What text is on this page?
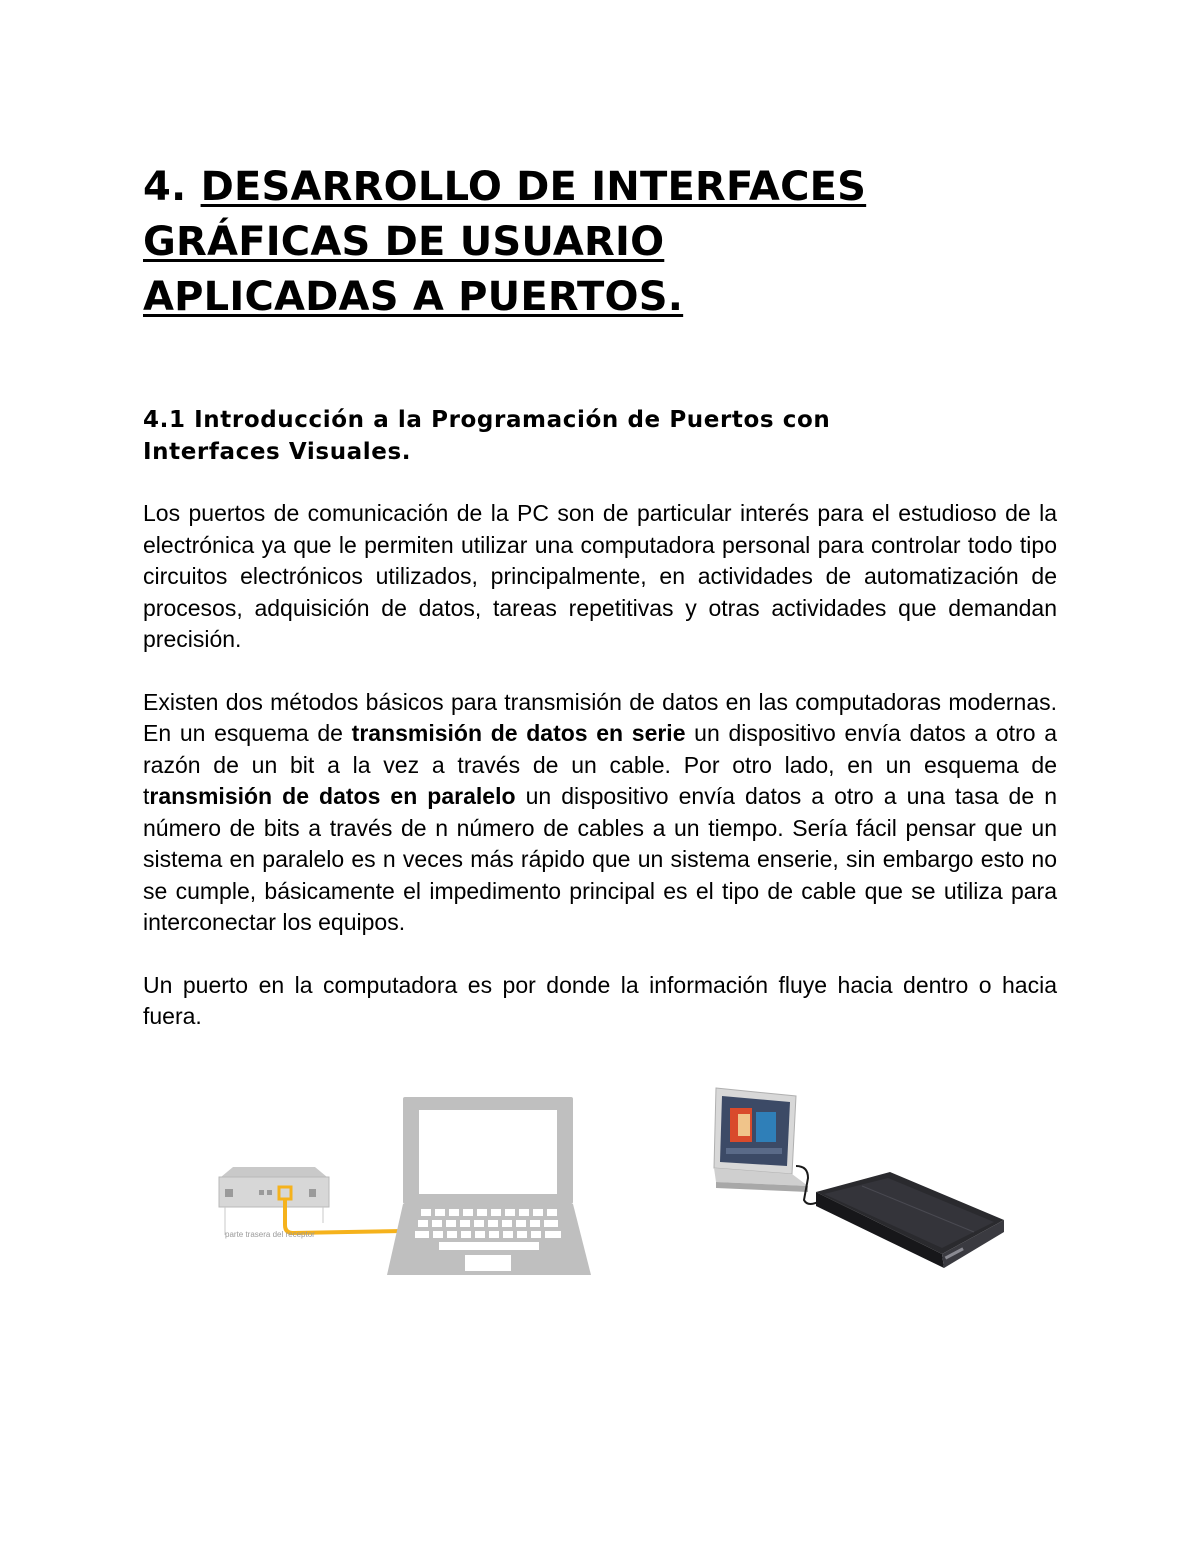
4. DESARROLLO DE INTERFACES
GRÁFICAS DE USUARIO
APLICADAS A PUERTOS.
4.1 Introducción a la Programación de Puertos con
Interfaces Visuales.

Los puertos de comunicación de la PC son de particular interés para el estudioso de la electrónica ya que le permiten utilizar una computadora personal para controlar todo tipo circuitos electrónicos utilizados, principalmente, en actividades de automatización de procesos, adquisición de datos, tareas repetitivas y otras actividades que demandan precisión.

Existen dos métodos básicos para transmisión de datos en las computadoras modernas. En un esquema de transmisión de datos en serie un dispositivo envía datos a otro a razón de un bit a la vez a través de un cable. Por otro lado, en un esquema de transmisión de datos en paralelo un dispositivo envía datos a otro a una tasa de n número de bits a través de n número de cables a un tiempo. Sería fácil pensar que un sistema en paralelo es n veces más rápido que un sistema enserie, sin embargo esto no se cumple, básicamente el impedimento principal es el tipo de cable que se utiliza para interconectar los equipos.

Un puerto en la computadora es por donde la información fluye hacia dentro o hacia fuera.

parte trasera del receptor
